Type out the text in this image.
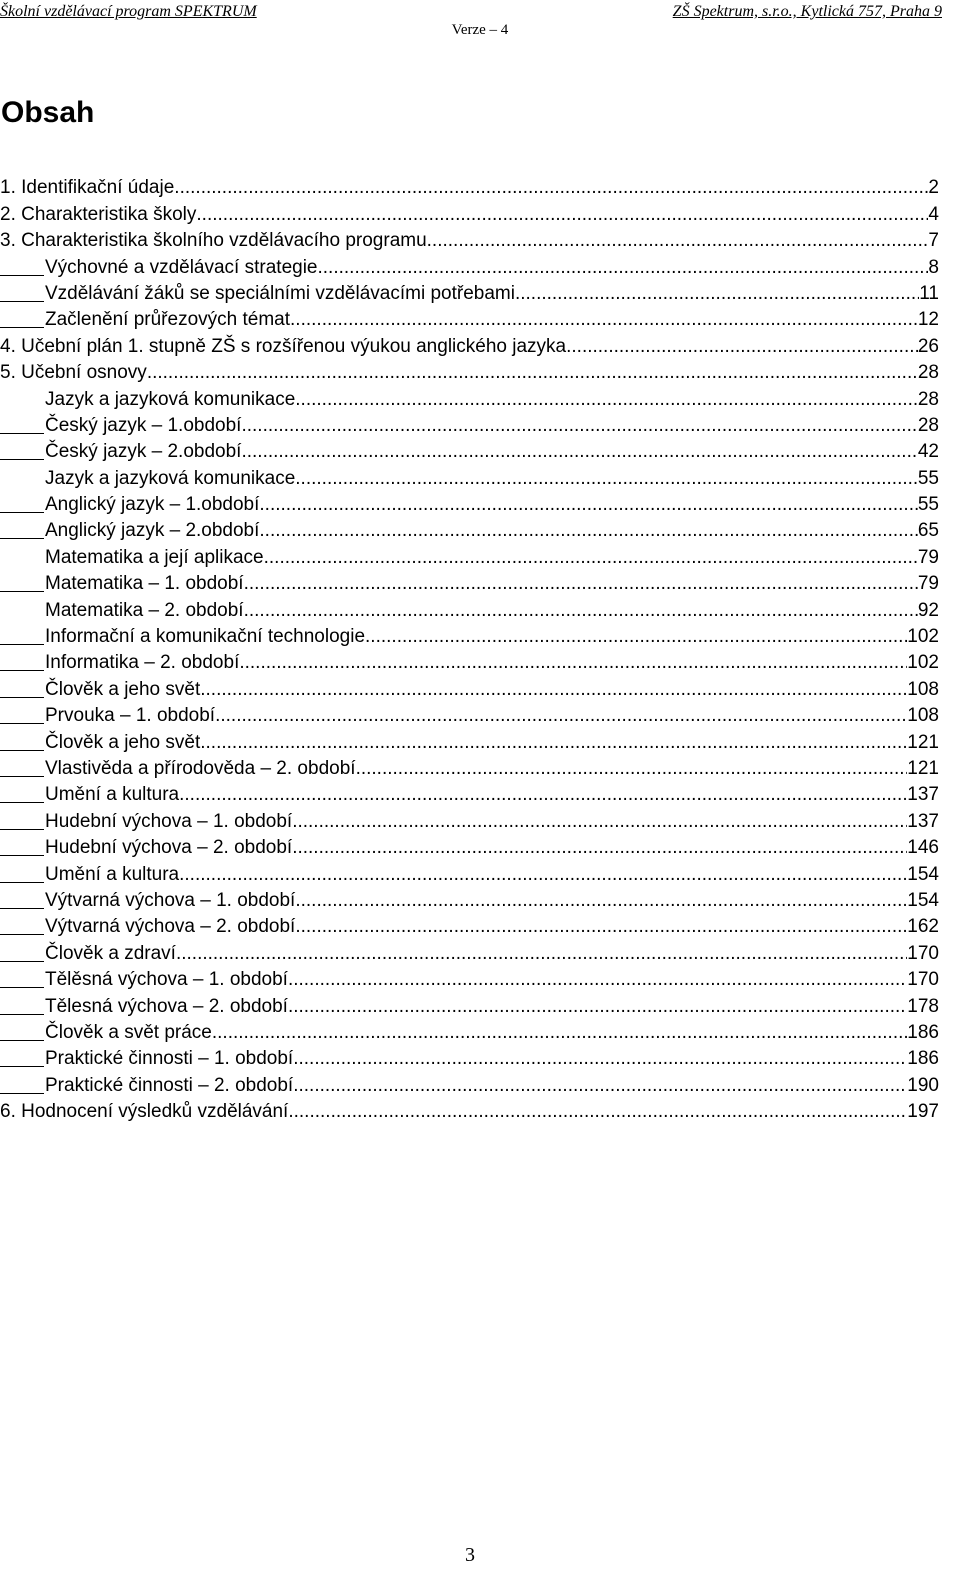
Školní vzdělávací program SPEKTRUM	ZŠ Spektrum, s.r.o., Kytlická 757, Praha 9
Verze – 4
Obsah
1. Identifikační údaje .....	2
2. Charakteristika školy .....	4
3. Charakteristika školního vzdělávacího programu .....	7
Výchovné a vzdělávací strategie .....	8
Vzdělávání žáků se speciálními vzdělávacími potřebami .....	11
Začlenění průřezových témat .....	12
4. Učební plán 1. stupně ZŠ s rozšířenou výukou anglického jazyka .....	26
5. Učební osnovy .....	28
Jazyk a jazyková komunikace .....	28
Český jazyk – 1.období .....	28
Český jazyk – 2.období .....	42
Jazyk a jazyková komunikace .....	55
Anglický jazyk – 1.období .....	55
Anglický jazyk – 2.období .....	65
Matematika a její aplikace .....	79
Matematika – 1. období .....	79
Matematika – 2. období .....	92
Informační a komunikační technologie .....	102
Informatika – 2. období .....	102
Člověk a jeho svět .....	108
Prvouka – 1. období .....	108
Člověk a jeho svět .....	121
Vlastivěda a přírodověda – 2. období .....	121
Umění a kultura .....	137
Hudební výchova – 1. období .....	137
Hudební výchova – 2. období .....	146
Umění a kultura .....	154
Výtvarná výchova – 1. období .....	154
Výtvarná výchova – 2. období .....	162
Člověk a zdraví .....	170
Tělěsná výchova – 1. období .....	170
Tělesná výchova – 2. období .....	178
Člověk a svět práce .....	186
Praktické činnosti – 1. období .....	186
Praktické činnosti – 2. období .....	190
6. Hodnocení výsledků vzdělávání .....	197
3
